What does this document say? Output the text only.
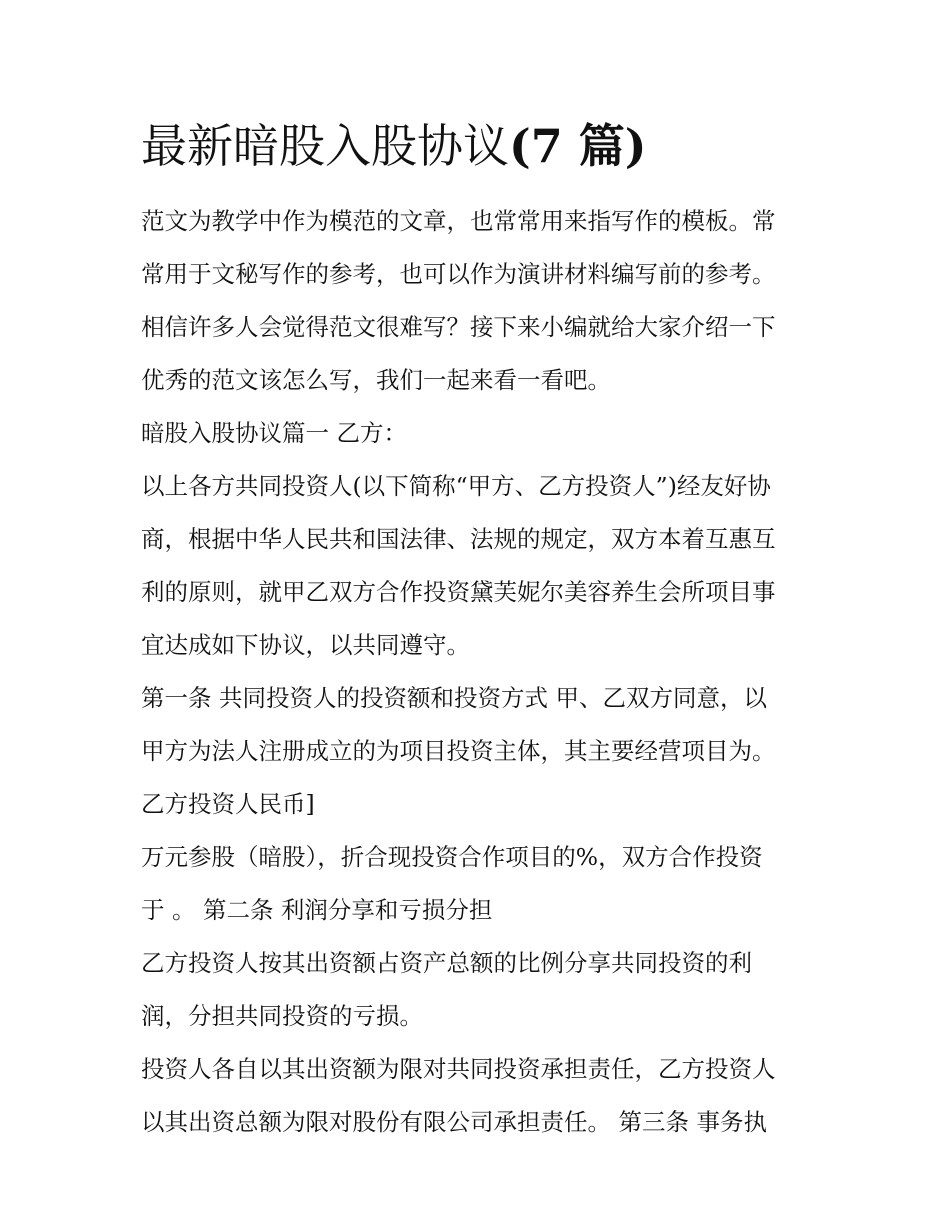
最新暗股入股协议(7 篇)
范文为教学中作为模范的文章，也常常用来指写作的模板。常
常用于文秘写作的参考，也可以作为演讲材料编写前的参考。
相信许多人会觉得范文很难写？接下来小编就给大家介绍一下
优秀的范文该怎么写，我们一起来看一看吧。
暗股入股协议篇一 乙方：
以上各方共同投资人(以下简称“甲方、乙方投资人”)经友好协
商，根据中华人民共和国法律、法规的规定，双方本着互惠互
利的原则，就甲乙双方合作投资黛芙妮尔美容养生会所项目事
宜达成如下协议，以共同遵守。
第一条 共同投资人的投资额和投资方式 甲、乙双方同意，以
甲方为法人注册成立的为项目投资主体，其主要经营项目为。
乙方投资人民币]
万元参股（暗股），折合现投资合作项目的%，双方合作投资
于 。 第二条 利润分享和亏损分担
乙方投资人按其出资额占资产总额的比例分享共同投资的利
润，分担共同投资的亏损。
投资人各自以其出资额为限对共同投资承担责任，乙方投资人
以其出资总额为限对股份有限公司承担责任。 第三条 事务执
